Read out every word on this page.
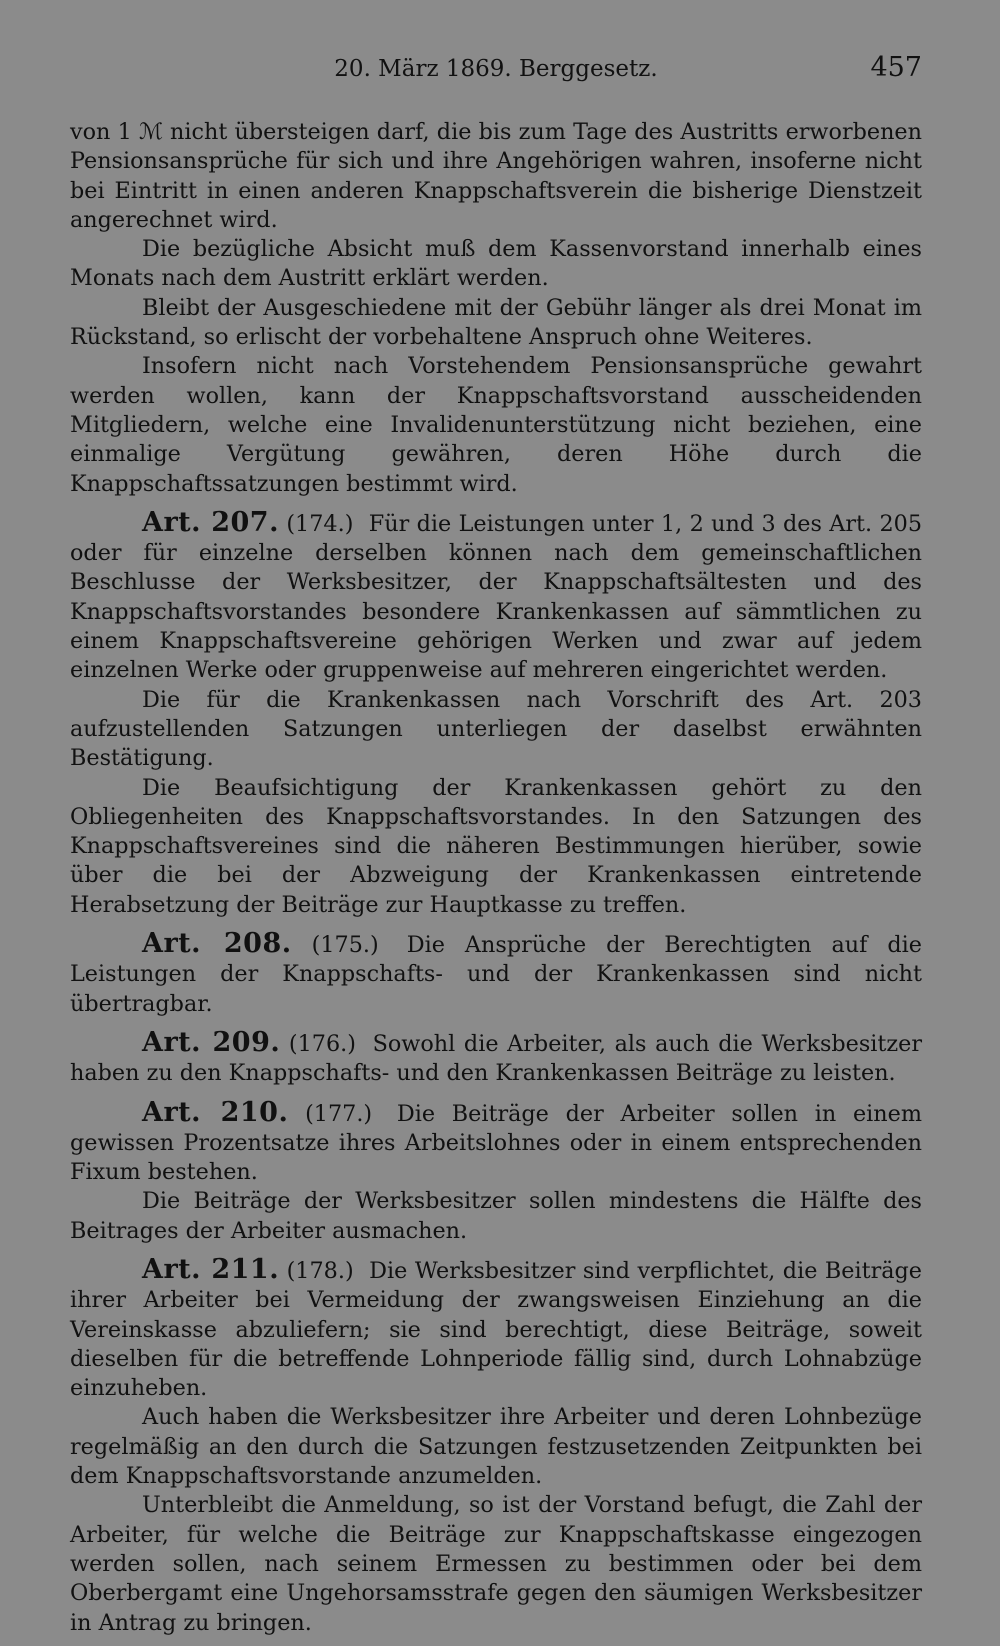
20. März 1869. Berggesetz.	457

von 1 ℳ nicht übersteigen darf, die bis zum Tage des Austritts erworbenen Pensionsansprüche für sich und ihre Angehörigen wahren, insoferne nicht bei Eintritt in einen anderen Knappschaftsverein die bisherige Dienstzeit angerechnet wird.

Die bezügliche Absicht muß dem Kassenvorstand innerhalb eines Monats nach dem Austritt erklärt werden.

Bleibt der Ausgeschiedene mit der Gebühr länger als drei Monat im Rückstand, so erlischt der vorbehaltene Anspruch ohne Weiteres.

Insofern nicht nach Vorstehendem Pensionsansprüche gewahrt werden wollen, kann der Knappschaftsvorstand ausscheidenden Mitgliedern, welche eine Invalidenunterstützung nicht beziehen, eine einmalige Vergütung gewähren, deren Höhe durch die Knappschaftssatzungen bestimmt wird.

Art. 207. (174.) Für die Leistungen unter 1, 2 und 3 des Art. 205 oder für einzelne derselben können nach dem gemeinschaftlichen Beschlusse der Werksbesitzer, der Knappschaftsältesten und des Knappschaftsvorstandes besondere Krankenkassen auf sämmtlichen zu einem Knappschaftsvereine gehörigen Werken und zwar auf jedem einzelnen Werke oder gruppenweise auf mehreren eingerichtet werden.

Die für die Krankenkassen nach Vorschrift des Art. 203 aufzustellenden Satzungen unterliegen der daselbst erwähnten Bestätigung.

Die Beaufsichtigung der Krankenkassen gehört zu den Obliegenheiten des Knappschaftsvorstandes. In den Satzungen des Knappschaftsvereines sind die näheren Bestimmungen hierüber, sowie über die bei der Abzweigung der Krankenkassen eintretende Herabsetzung der Beiträge zur Hauptkasse zu treffen.

Art. 208. (175.) Die Ansprüche der Berechtigten auf die Leistungen der Knappschafts- und der Krankenkassen sind nicht übertragbar.

Art. 209. (176.) Sowohl die Arbeiter, als auch die Werksbesitzer haben zu den Knappschafts- und den Krankenkassen Beiträge zu leisten.

Art. 210. (177.) Die Beiträge der Arbeiter sollen in einem gewissen Prozentsatze ihres Arbeitslohnes oder in einem entsprechenden Fixum bestehen.

Die Beiträge der Werksbesitzer sollen mindestens die Hälfte des Beitrages der Arbeiter ausmachen.

Art. 211. (178.) Die Werksbesitzer sind verpflichtet, die Beiträge ihrer Arbeiter bei Vermeidung der zwangsweisen Einziehung an die Vereinskasse abzuliefern; sie sind berechtigt, diese Beiträge, soweit dieselben für die betreffende Lohnperiode fällig sind, durch Lohnabzüge einzuheben.

Auch haben die Werksbesitzer ihre Arbeiter und deren Lohnbezüge regelmäßig an den durch die Satzungen festzusetzenden Zeitpunkten bei dem Knappschaftsvorstande anzumelden.

Unterbleibt die Anmeldung, so ist der Vorstand befugt, die Zahl der Arbeiter, für welche die Beiträge zur Knappschaftskasse eingezogen werden sollen, nach seinem Ermessen zu bestimmen oder bei dem Oberbergamt eine Ungehorsamsstrafe gegen den säumigen Werksbesitzer in Antrag zu bringen.
